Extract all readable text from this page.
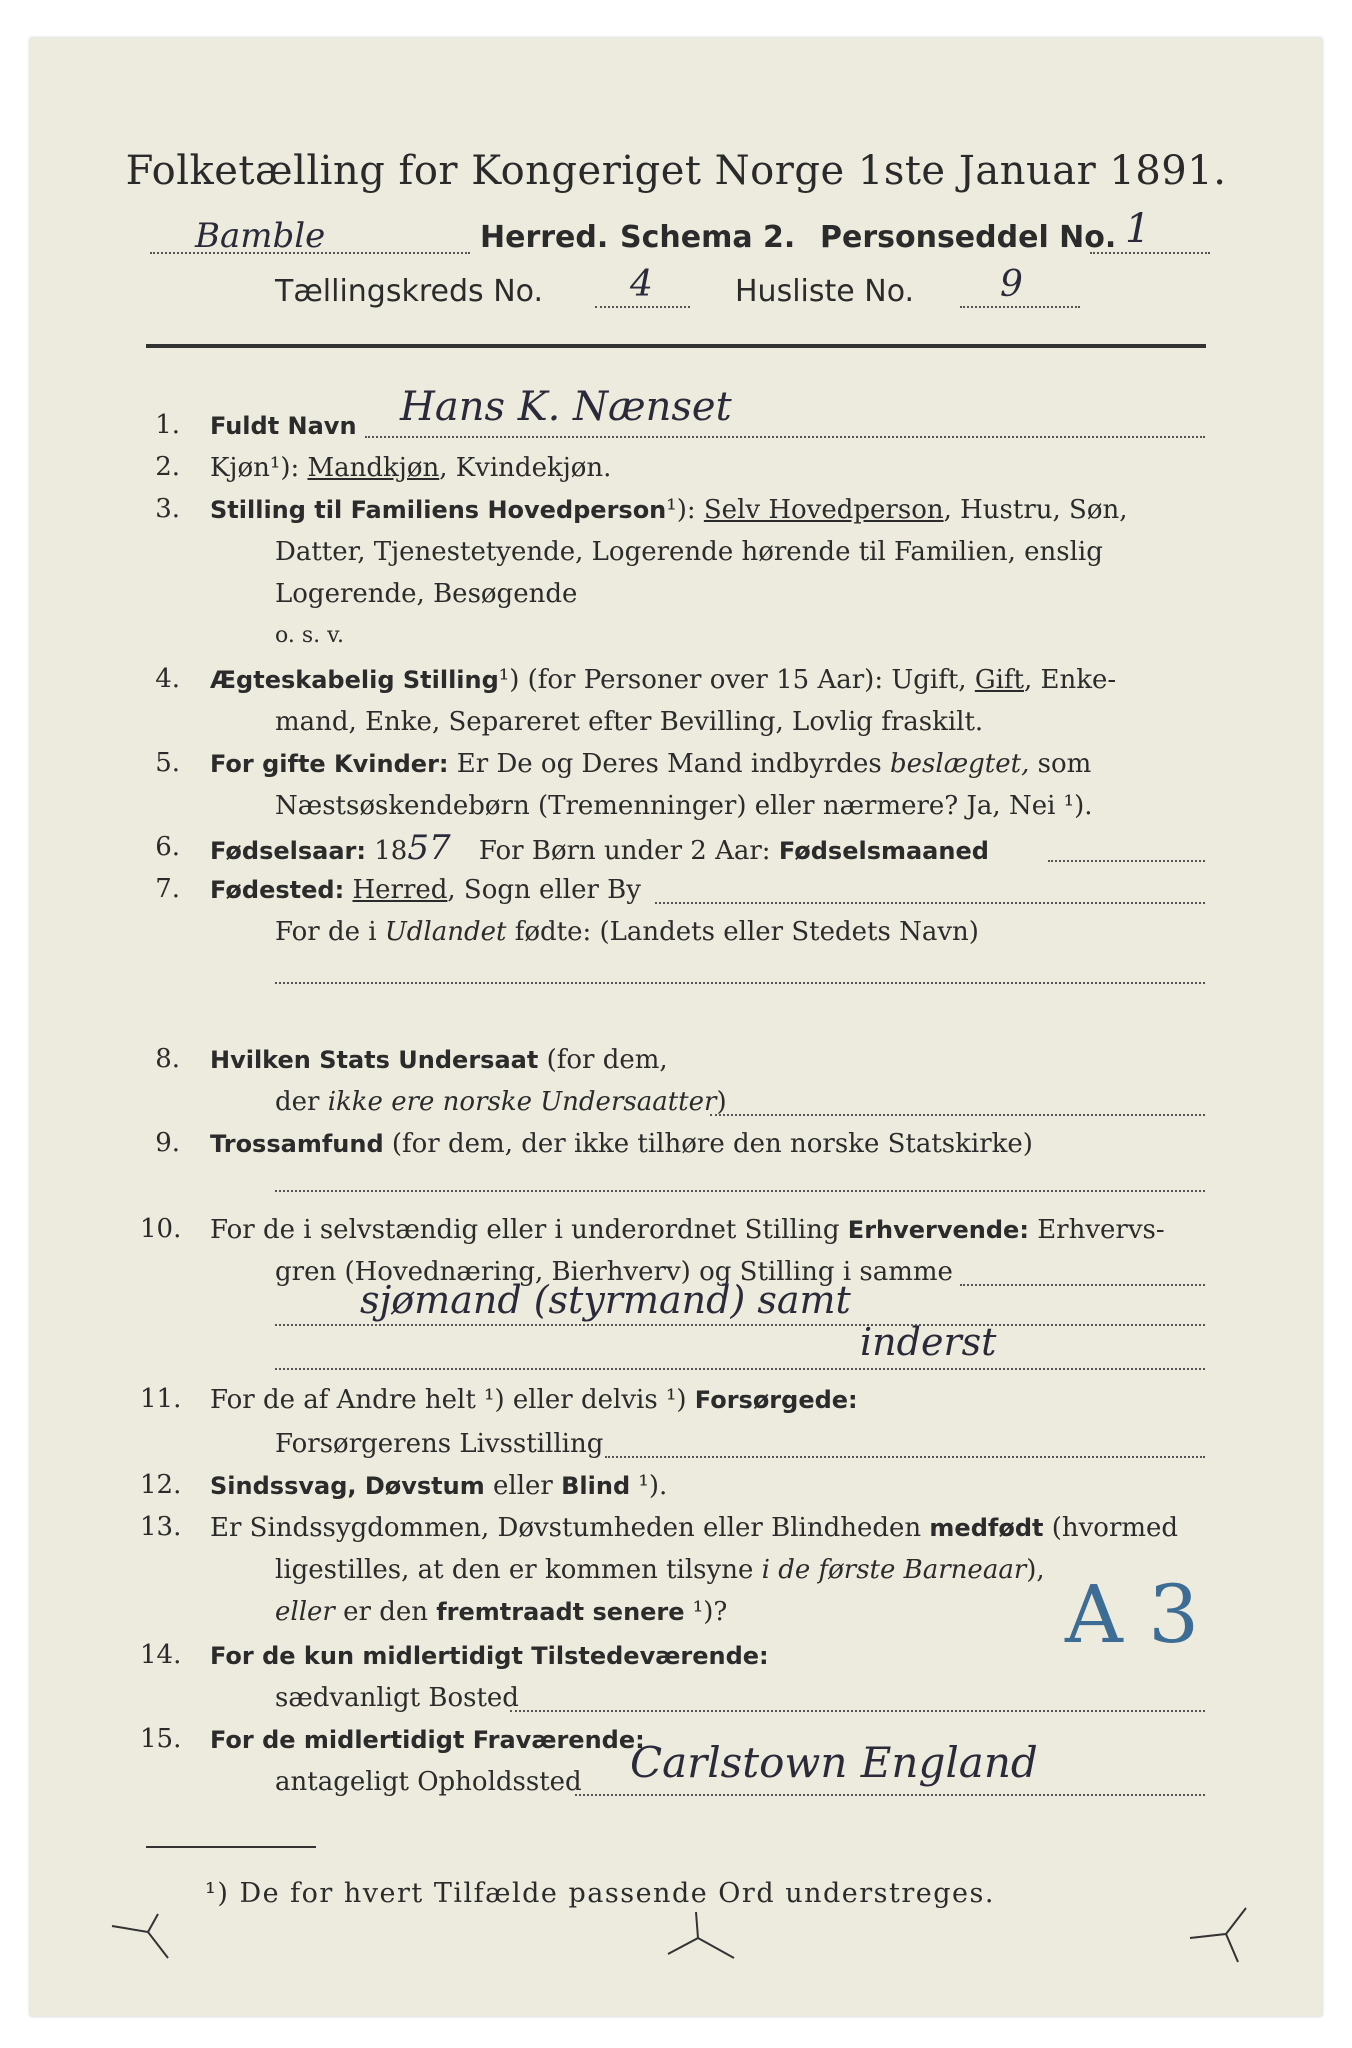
Folketælling for Kongeriget Norge 1ste Januar 1891.
Bamble	Herred. Schema 2. Personseddel No. 1
Tællingskreds No. 4	Husliste No. 9
1. Fuldt Navn Hans K. Nænset
2. Kjøn¹): Mandkjøn, Kvindekjøn.
3. Stilling til Familiens Hovedperson¹): Selv Hovedperson, Hustru, Søn,
Datter, Tjenestetyende, Logerende hørende til Familien, enslig
Logerende, Besøgende
o. s. v.
4. Ægteskabelig Stilling¹) (for Personer over 15 Aar): Ugift, Gift, Enke-
mand, Enke, Separeret efter Bevilling, Lovlig fraskilt.
5. For gifte Kvinder: Er De og Deres Mand indbyrdes beslægtet, som
Næstsøskendebørn (Tremenninger) eller nærmere? Ja, Nei ¹).
6. Fødselsaar: 1857 For Børn under 2 Aar: Fødselsmaaned
7. Fødested: Herred, Sogn eller By
For de i Udlandet fødte: (Landets eller Stedets Navn)
8. Hvilken Stats Undersaat (for dem,
der ikke ere norske Undersaatter)
9. Trossamfund (for dem, der ikke tilhøre den norske Statskirke)
10. For de i selvstændig eller i underordnet Stilling Erhvervende: Erhvervs-
gren (Hovednæring, Bierhverv) og Stilling i samme
sjømand (styrmand) samt
inderst
11. For de af Andre helt ¹) eller delvis ¹) Forsørgede:
Forsørgerens Livsstilling
12. Sindssvag, Døvstum eller Blind ¹).
13. Er Sindssygdommen, Døvstumheden eller Blindheden medfødt (hvormed
ligestilles, at den er kommen tilsyne i de første Barneaar),
eller er den fremtraadt senere ¹)?	A 3
14. For de kun midlertidigt Tilstedeværende:
sædvanligt Bosted
15. For de midlertidigt Fraværende:
antageligt Opholdssted Carlstown England
¹) De for hvert Tilfælde passende Ord understreges.
